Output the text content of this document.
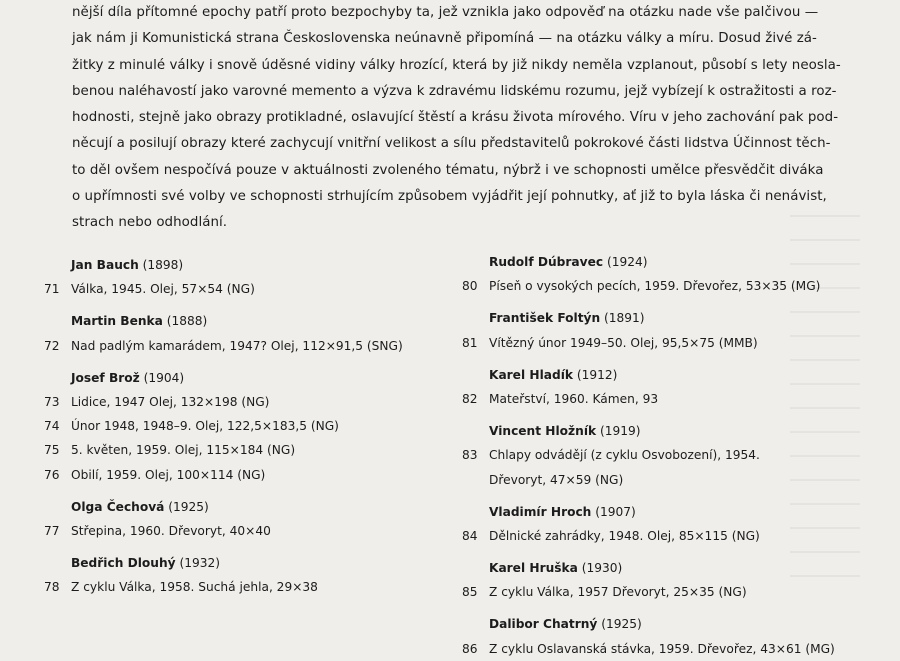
nější díla přítomné epochy patří proto bezpochyby ta, jež vznikla jako odpověď na otázku nade vše palčivou —
jak nám ji Komunistická strana Československa neúnavně připomíná — na otázku války a míru. Dosud živé zá-
žitky z minulé války i snově úděsné vidiny války hrozící, která by již nikdy neměla vzplanout, působí s lety neosla-
benou naléhavostí jako varovné memento a výzva k zdravému lidskému rozumu, jejž vybízejí k ostražitosti a roz-
hodnosti, stejně jako obrazy protikladné, oslavující štěstí a krásu života mírového. Víru v jeho zachování pak pod-
něcují a posilují obrazy které zachycují vnitřní velikost a sílu představitelů pokrokové části lidstva Účinnost těch-
to děl ovšem nespočívá pouze v aktuálnosti zvoleného tématu, nýbrž i ve schopnosti umělce přesvědčit diváka
o upřímnosti své volby ve schopnosti strhujícím způsobem vyjádřit její pohnutky, ať již to byla láska či nenávist,
strach nebo odhodlání.
Jan Bauch (1898)
71 Válka, 1945. Olej, 57×54 (NG)
Martin Benka (1888)
72 Nad padlým kamarádem, 1947? Olej, 112×91,5 (SNG)
Josef Brož (1904)
73 Lidice, 1947 Olej, 132×198 (NG)
74 Únor 1948, 1948–9. Olej, 122,5×183,5 (NG)
75 5. květen, 1959. Olej, 115×184 (NG)
76 Obilí, 1959. Olej, 100×114 (NG)
Olga Čechová (1925)
77 Střepina, 1960. Dřevoryt, 40×40
Bedřich Dlouhý (1932)
78 Z cyklu Válka, 1958. Suchá jehla, 29×38
Rudolf Dúbravec (1924)
80 Píseň o vysokých pecích, 1959. Dřevořez, 53×35 (MG)
František Foltýn (1891)
81 Vítězný únor 1949–50. Olej, 95,5×75 (MMB)
Karel Hladík (1912)
82 Mateřství, 1960. Kámen, 93
Vincent Hložník (1919)
83 Chlapy odvádějí (z cyklu Osvobození), 1954.
Dřevoryt, 47×59 (NG)
Vladimír Hroch (1907)
84 Dělnické zahrádky, 1948. Olej, 85×115 (NG)
Karel Hruška (1930)
85 Z cyklu Válka, 1957 Dřevoryt, 25×35 (NG)
Dalibor Chatrný (1925)
86 Z cyklu Oslavanská stávka, 1959. Dřevořez, 43×61 (MG)
